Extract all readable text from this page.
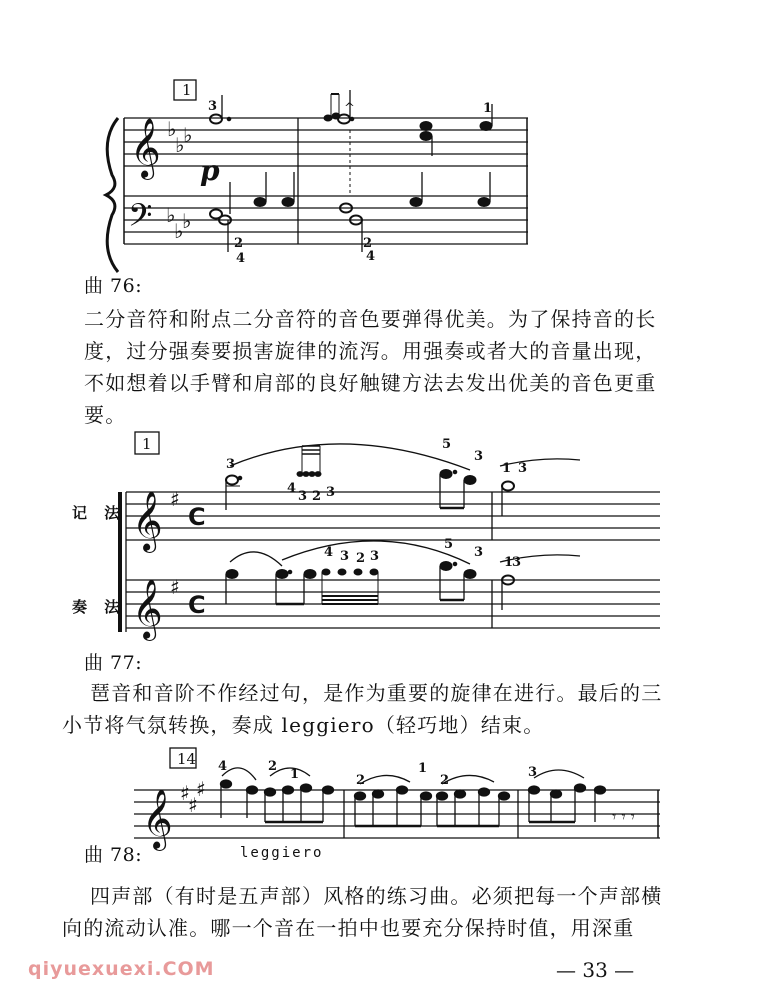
𝄞
𝄢
♭
♭
♭
♭
♭
♭
𝄞
𝄞
♯
♯
C
C
𝄞 ♯
♯
♯
𝄾 𝄾 𝄾
1
3	1
2
4
2
4
^
p
1
3
4
3 2 3
5
3
1 3
4 3 2 3
5
3
1
3
14 4	2
1	2
1
2
3
leggiero
记 法
奏 法
曲 76:
曲 77:
曲 78:
二分音符和附点二分音符的音色要弹得优美。为了保持音的长度，过分强奏要损害旋律的流泻。用强奏或者大的音量出现，不如想着以手臂和肩部的良好触键方法去发出优美的音色更重要。
琶音和音阶不作经过句，是作为重要的旋律在进行。最后的三小节将气氛转换，奏成 leggiero（轻巧地）结束。
四声部（有时是五声部）风格的练习曲。必须把每一个声部横向的流动认准。哪一个音在一拍中也要充分保持时值，用深重
qiyuexuexi.COM	— 33 —
